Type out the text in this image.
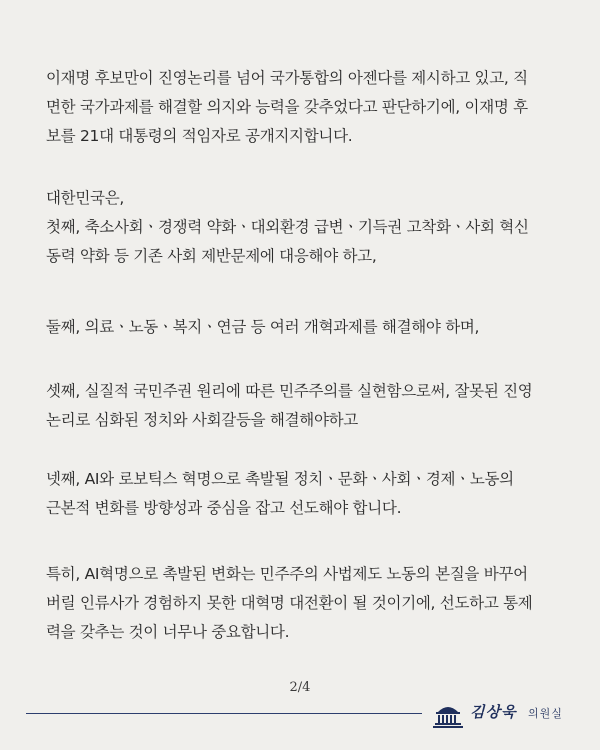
이재명 후보만이 진영논리를 넘어 국가통합의 아젠다를 제시하고 있고, 직
면한 국가과제를 해결할 의지와 능력을 갖추었다고 판단하기에, 이재명 후
보를 21대 대통령의 적임자로 공개지지합니다.
대한민국은,
첫째, 축소사회ㆍ경쟁력 약화ㆍ대외환경 급변ㆍ기득권 고착화ㆍ사회 혁신
동력 약화 등 기존 사회 제반문제에 대응해야 하고,
둘째, 의료ㆍ노동ㆍ복지ㆍ연금 등 여러 개혁과제를 해결해야 하며,
셋째, 실질적 국민주권 원리에 따른 민주주의를 실현함으로써, 잘못된 진영
논리로 심화된 정치와 사회갈등을 해결해야하고
넷째, AI와 로보틱스 혁명으로 촉발될 정치ㆍ문화ㆍ사회ㆍ경제ㆍ노동의
근본적 변화를 방향성과 중심을 잡고 선도해야 합니다.
특히, AI혁명으로 촉발된 변화는 민주주의 사법제도 노동의 본질을 바꾸어
버릴 인류사가 경험하지 못한 대혁명 대전환이 될 것이기에, 선도하고 통제
력을 갖추는 것이 너무나 중요합니다.
2/4
김상욱 의원실
